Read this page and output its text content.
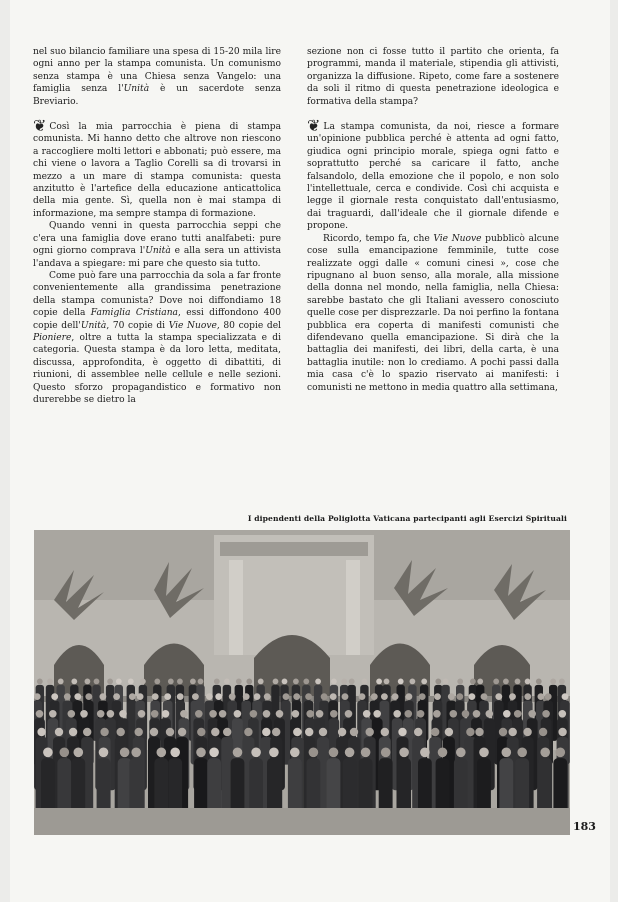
nel suo bilancio familiare una spesa di 15-20 mila lire ogni anno per la stampa comunista. Un comunismo senza stampa è una Chiesa senza Vangelo: una famiglia senza l'Unità è un sacerdote senza Breviario.

❦ Così la mia parrocchia è piena di stampa comunista. Mi hanno detto che altrove non riescono a raccogliere molti lettori e abbonati; può essere, ma chi viene o lavora a Taglio Corelli sa di trovarsi in mezzo a un mare di stampa comunista: questa anzitutto è l'artefice della educazione anticattolica della mia gente. Sì, quella non è mai stampa di informazione, ma sempre stampa di formazione.

Quando venni in questa parrocchia seppi che c'era una famiglia dove erano tutti analfabeti: pure ogni giorno comprava l'Unità e alla sera un attivista l'andava a spiegare: mi pare che questo sia tutto.

Come può fare una parrocchia da sola a far fronte convenientemente alla grandissima penetrazione della stampa comunista? Dove noi diffondiamo 18 copie della Famiglia Cristiana, essi diffondono 400 copie dell'Unità, 70 copie di Vie Nuove, 80 copie del Pioniere, oltre a tutta la stampa specializzata e di categoria. Questa stampa è da loro letta, meditata, discussa, approfondita, è oggetto di dibattiti, di riunioni, di assemblee nelle cellule e nelle sezioni. Questo sforzo propagandistico e formativo non durerebbe se dietro la

sezione non ci fosse tutto il partito che orienta, fa programmi, manda il materiale, stipendia gli attivisti, organizza la diffusione. Ripeto, come fare a sostenere da soli il ritmo di questa penetrazione ideologica e formativa della stampa?

❦ La stampa comunista, da noi, riesce a formare un'opinione pubblica perché è attenta ad ogni fatto, giudica ogni principio morale, spiega ogni fatto e soprattutto perché sa caricare il fatto, anche falsandolo, della emozione che il popolo, e non solo l'intellettuale, cerca e condivide. Così chi acquista e legge il giornale resta conquistato dall'entusiasmo, dai traguardi, dall'ideale che il giornale difende e propone.

Ricordo, tempo fa, che Vie Nuove pubblicò alcune cose sulla emancipazione femminile, tutte cose realizzate oggi dalle « comuni cinesi », cose che ripugnano al buon senso, alla morale, alla missione della donna nel mondo, nella famiglia, nella Chiesa: sarebbe bastato che gli Italiani avessero conosciuto quelle cose per disprezzarle. Da noi perfino la fontana pubblica era coperta di manifesti comunisti che difendevano quella emancipazione. Si dirà che la battaglia dei manifesti, dei libri, della carta, è una battaglia inutile: non lo crediamo. A pochi passi dalla mia casa c'è lo spazio riservato ai manifesti: i comunisti ne mettono in media quattro alla settimana,

I dipendenti della Poliglotta Vaticana partecipanti agli Esercizi Spirituali
183
